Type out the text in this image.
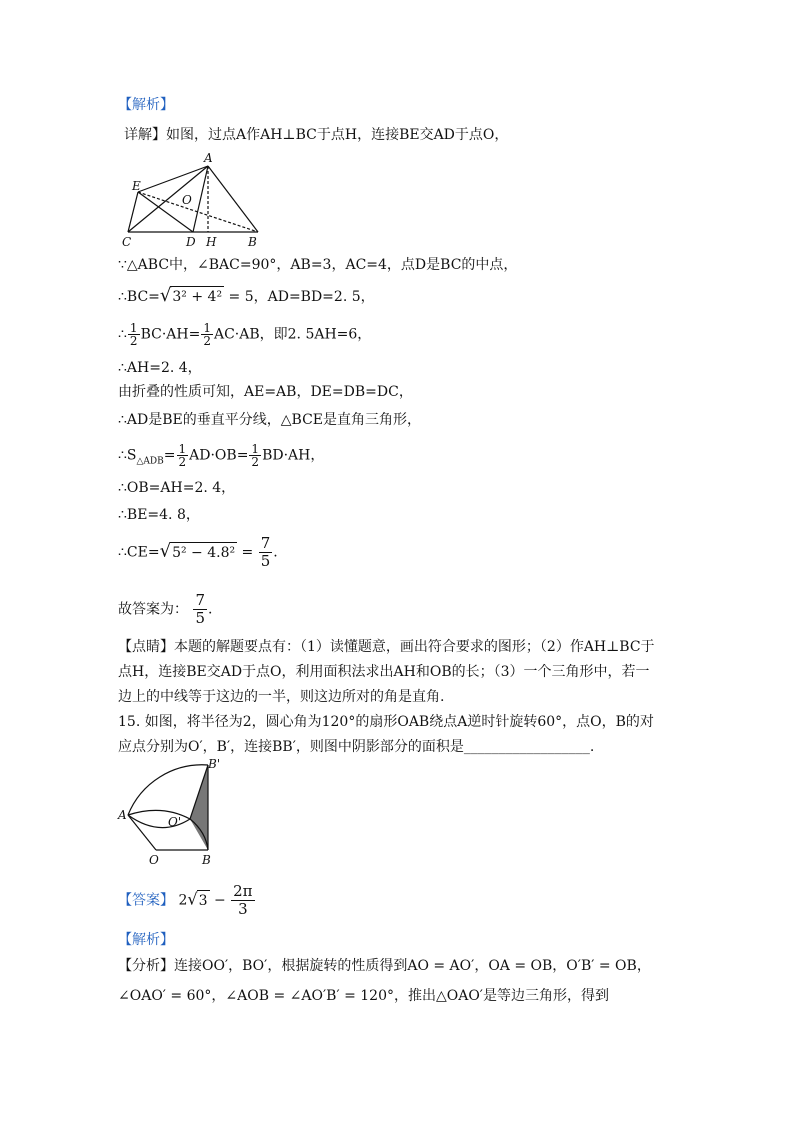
【解析】
详解】如图，过点A作AH⊥BC于点H，连接BE交AD于点O，
A
E
O
C	D H	B
∵△ABC中，∠BAC=90°，AB=3，AC=4，点D是BC的中点，
∴BC=√3² + 4² = 5，AD=BD=2. 5，
∴ $\frac{1}{2} BC\cdot AH= \frac{1}{2} AC\cdot AB$，即2. 5AH=6，
∴AH=2. 4，
由折叠的性质可知，AE=AB，DE=DB=DC，
∴AD是BE的垂直平分线，△BCE是直角三角形，
$\therefore S_{\triangle ADB}= \frac{1}{2} AD\cdot OB= \frac{1}{2} BD\cdot AH$，
∴OB=AH=2. 4，
∴BE=4. 8，
∴CE=√5² − $4.8^2 = \frac{7}{5}$ .
故答案为： $\frac{7}{5}$ .
【点睛】本题的解题要点有：（1）读懂题意，画出符合要求的图形；（2）作AH⊥BC于
点H，连接BE交AD于点O，利用面积法求出AH和OB的长；（3）一个三角形中，若一
边上的中线等于这边的一半，则这边所对的角是直角.
15. 如图，将半径为2，圆心角为120°的扇形OAB绕点A逆时针旋转60°，点O，B的对
应点分别为O′，B′，连接BB′，则图中阴影部分的面积是__________________.
A
O	B
O'
B'
【答案】 $2√3 - \frac{2\pi}{3}$
【解析】
【分析】连接OO′，BO′，根据旋转的性质得到AO = AO′，OA = OB，O′B′ = OB，
∠OAO′ = 60°，∠AOB = ∠AO′B′ = 120°，推出△OAO′是等边三角形，得到
